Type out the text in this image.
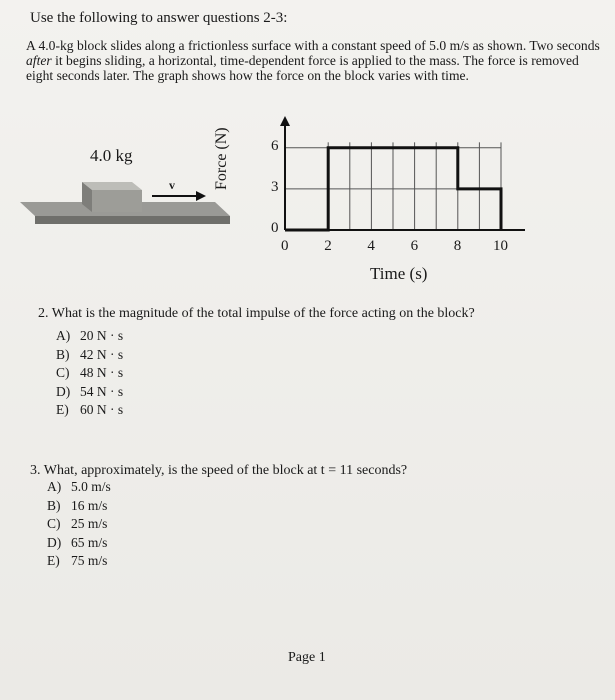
Use the following to answer questions 2-3:
A 4.0-kg block slides along a frictionless surface with a constant speed of 5.0 m/s as shown. Two seconds after it begins sliding, a horizontal, time-dependent force is applied to the mass. The force is removed eight seconds later. The graph shows how the force on the block varies with time.
4.0 kg
v Force (N)
Time (s)
0 2 4 6 8 10
0
3
6
2. What is the magnitude of the total impulse of the force acting on the block?
A) 20 N · s
B) 42 N · s
C) 48 N · s
D) 54 N · s
E) 60 N · s
3. What, approximately, is the speed of the block at t = 11 seconds?
A) 5.0 m/s
B) 16 m/s
C) 25 m/s
D) 65 m/s
E) 75 m/s
Page 1
